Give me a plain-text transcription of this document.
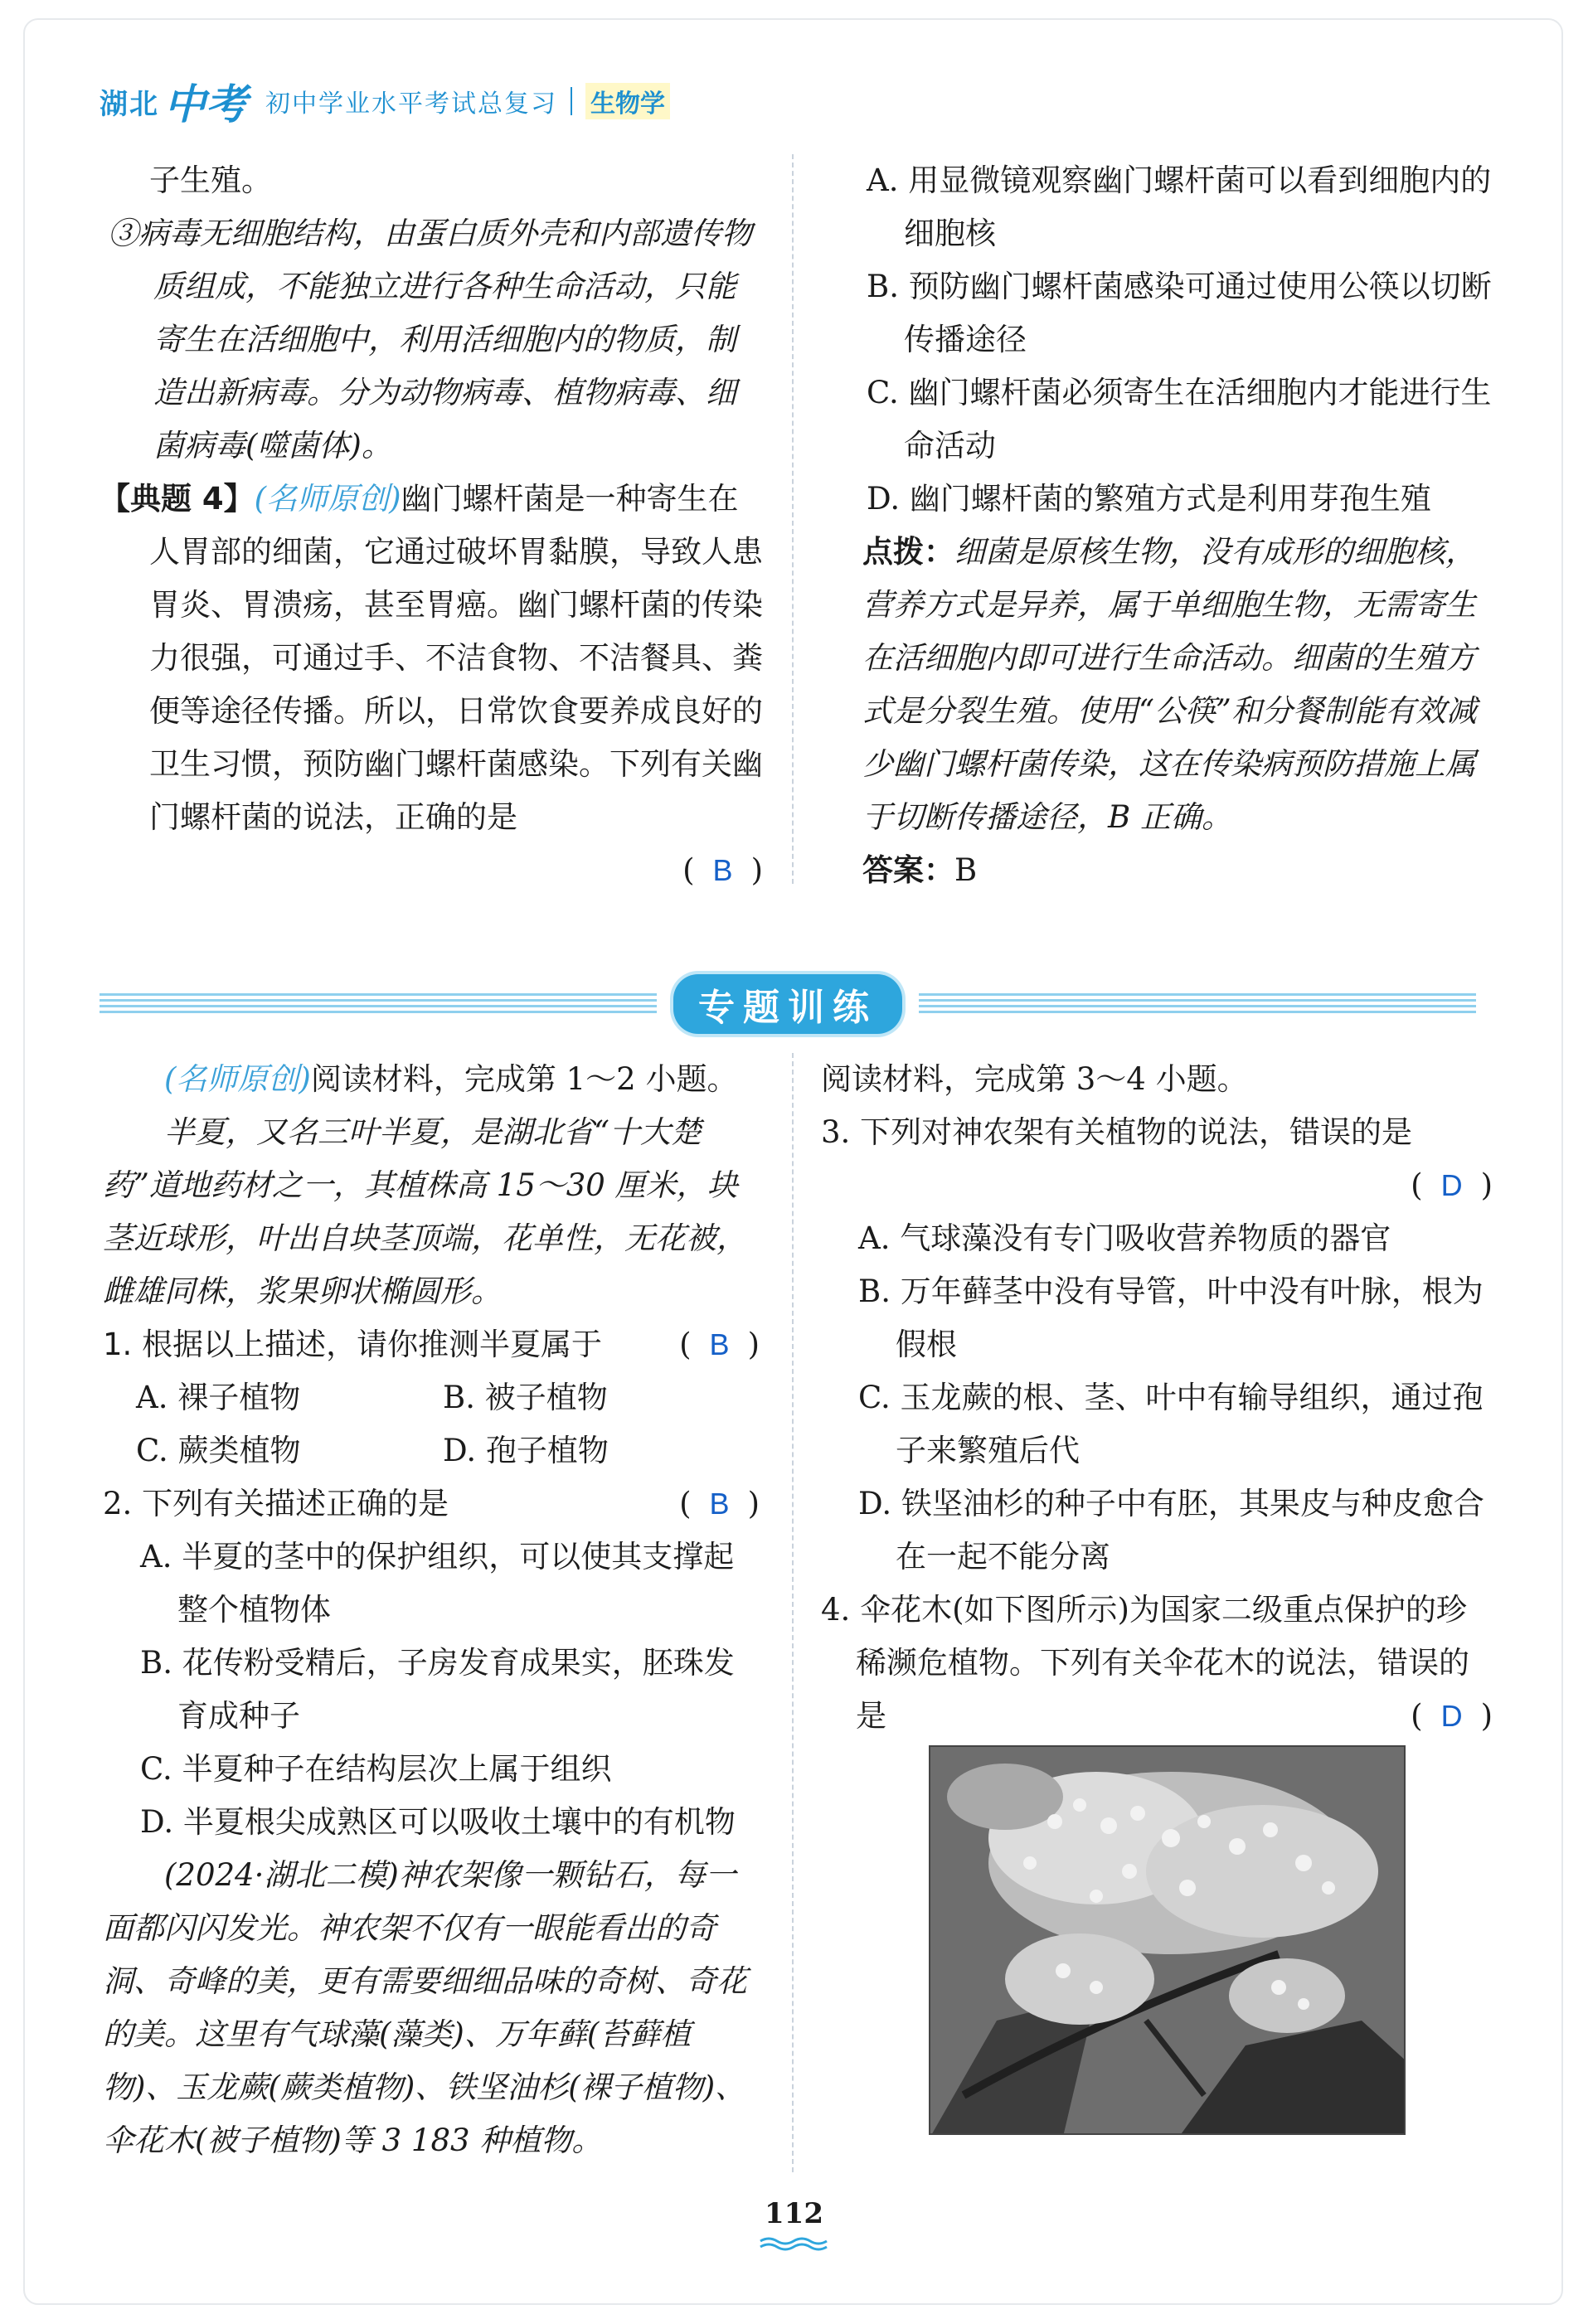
湖北 中考 初中学业水平考试总复习 生物学

子生殖。

③病毒无细胞结构，由蛋白质外壳和内部遗传物质组成，不能独立进行各种生命活动，只能寄生在活细胞中，利用活细胞内的物质，制造出新病毒。分为动物病毒、植物病毒、细菌病毒(噬菌体)。

【典题 4】(名师原创)幽门螺杆菌是一种寄生在人胃部的细菌，它通过破坏胃黏膜，导致人患胃炎、胃溃疡，甚至胃癌。幽门螺杆菌的传染力很强，可通过手、不洁食物、不洁餐具、粪便等途径传播。所以，日常饮食要养成良好的卫生习惯，预防幽门螺杆菌感染。下列有关幽门螺杆菌的说法，正确的是

( B )

A. 用显微镜观察幽门螺杆菌可以看到细胞内的细胞核

B. 预防幽门螺杆菌感染可通过使用公筷以切断传播途径

C. 幽门螺杆菌必须寄生在活细胞内才能进行生命活动

D. 幽门螺杆菌的繁殖方式是利用芽孢生殖

点拨：细菌是原核生物，没有成形的细胞核，营养方式是异养，属于单细胞生物，无需寄生在活细胞内即可进行生命活动。细菌的生殖方式是分裂生殖。使用“公筷”和分餐制能有效减少幽门螺杆菌传染，这在传染病预防措施上属于切断传播途径，B 正确。

答案：B

专题训练

(名师原创)阅读材料，完成第 1～2 小题。

半夏，又名三叶半夏，是湖北省“十大楚药”道地药材之一，其植株高 15～30 厘米，块茎近球形，叶出自块茎顶端，花单性，无花被，雌雄同株，浆果卵状椭圆形。

1. 根据以上描述，请你推测半夏属于	( B )
A. 裸子植物	B. 被子植物
C. 蕨类植物	D. 孢子植物
2. 下列有关描述正确的是	( B )

A. 半夏的茎中的保护组织，可以使其支撑起整个植物体

B. 花传粉受精后，子房发育成果实，胚珠发育成种子

C. 半夏种子在结构层次上属于组织

D. 半夏根尖成熟区可以吸收土壤中的有机物

(2024·湖北二模)神农架像一颗钻石，每一面都闪闪发光。神农架不仅有一眼能看出的奇洞、奇峰的美，更有需要细细品味的奇树、奇花的美。这里有气球藻(藻类)、万年藓(苔藓植物)、玉龙蕨(蕨类植物)、铁坚油杉(裸子植物)、伞花木(被子植物)等 3 183 种植物。

阅读材料，完成第 3～4 小题。

3. 下列对神农架有关植物的说法，错误的是

( D )

A. 气球藻没有专门吸收营养物质的器官

B. 万年藓茎中没有导管，叶中没有叶脉，根为假根

C. 玉龙蕨的根、茎、叶中有输导组织，通过孢子来繁殖后代

D. 铁坚油杉的种子中有胚，其果皮与种皮愈合在一起不能分离

4. 伞花木(如下图所示)为国家二级重点保护的珍稀濒危植物。下列有关伞花木的说法，错误的是	( D )
112
